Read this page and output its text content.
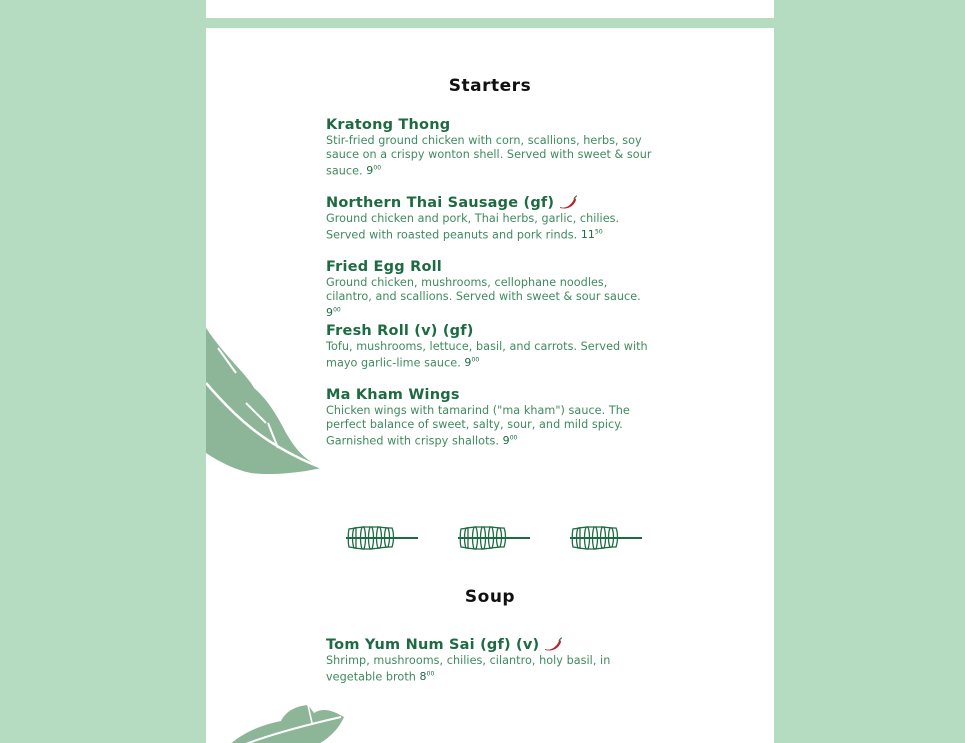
Starters
Kratong Thong
Stir-fried ground chicken with corn, scallions, herbs, soy sauce on a crispy wonton shell. Served with sweet & sour sauce. $9^{00}$
Northern Thai Sausage (gf)
Ground chicken and pork, Thai herbs, garlic, chilies. Served with roasted peanuts and pork rinds. $11^{50}$
Fried Egg Roll
Ground chicken, mushrooms, cellophane noodles, cilantro, and scallions. Served with sweet & sour sauce. $9^{00}$
Fresh Roll (v) (gf)
Tofu, mushrooms, lettuce, basil, and carrots. Served with mayo garlic-lime sauce. $9^{00}$
Ma Kham Wings
Chicken wings with tamarind ("ma kham") sauce. The perfect balance of sweet, salty, sour, and mild spicy. Garnished with crispy shallots. $9^{00}$
Soup
Tom Yum Num Sai (gf) (v)
Shrimp, mushrooms, chilies, cilantro, holy basil, in vegetable broth $8^{00}$
